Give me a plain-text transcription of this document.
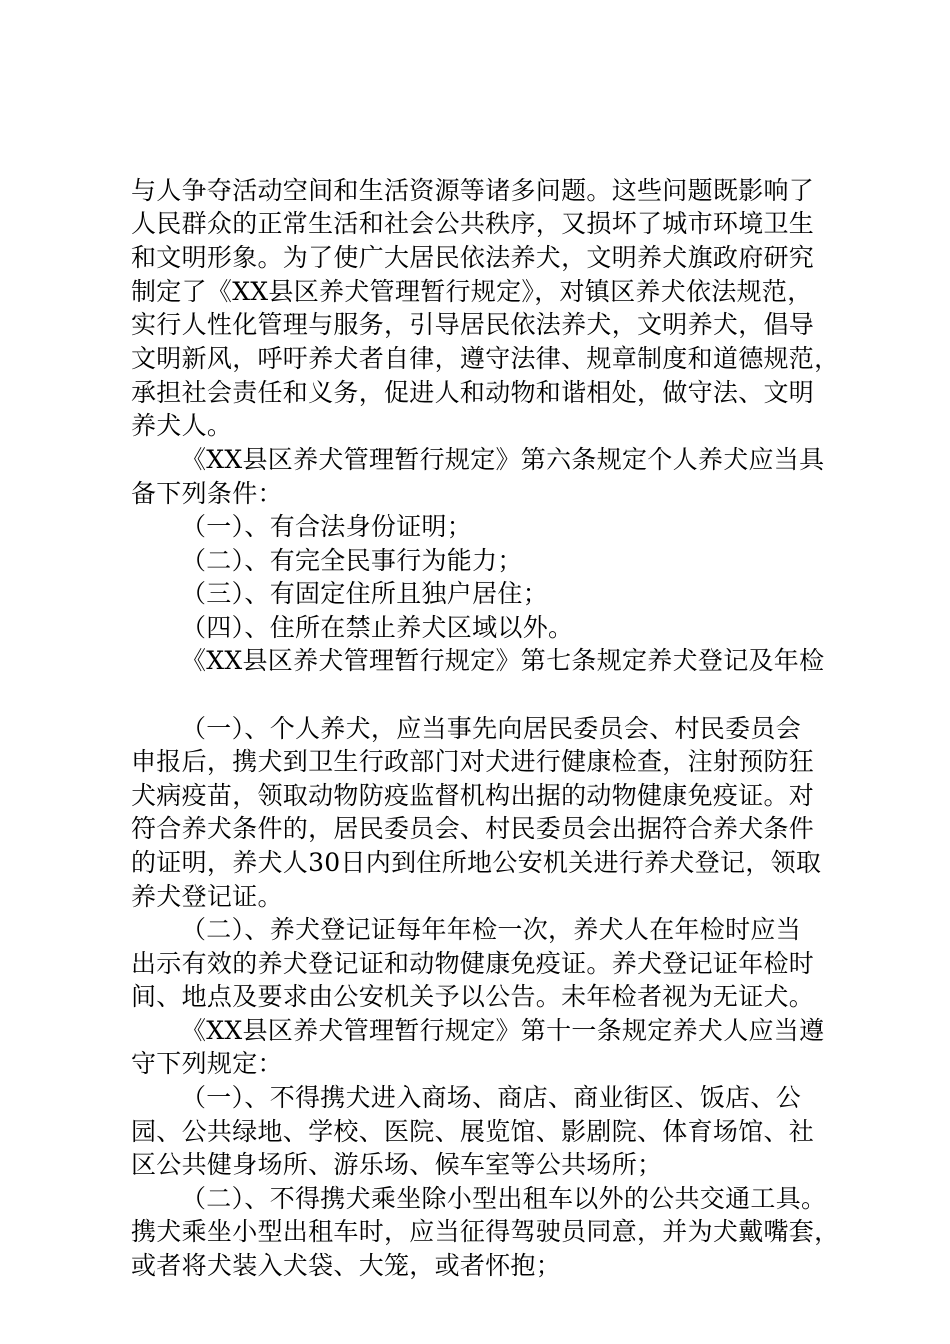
与人争夺活动空间和生活资源等诸多问题。这些问题既影响了
人民群众的正常生活和社会公共秩序，又损坏了城市环境卫生
和文明形象。为了使广大居民依法养犬，文明养犬旗政府研究
制定了《XX县区养犬管理暂行规定》，对镇区养犬依法规范，
实行人性化管理与服务，引导居民依法养犬，文明养犬，倡导
文明新风，呼吁养犬者自律，遵守法律、规章制度和道德规范，
承担社会责任和义务，促进人和动物和谐相处，做守法、文明
养犬人。
《XX县区养犬管理暂行规定》第六条规定个人养犬应当具
备下列条件：
（一）、有合法身份证明；
（二）、有完全民事行为能力；
（三）、有固定住所且独户居住；
（四）、住所在禁止养犬区域以外。
《XX县区养犬管理暂行规定》第七条规定养犬登记及年检
（一）、个人养犬，应当事先向居民委员会、村民委员会
申报后，携犬到卫生行政部门对犬进行健康检查，注射预防狂
犬病疫苗，领取动物防疫监督机构出据的动物健康免疫证。对
符合养犬条件的，居民委员会、村民委员会出据符合养犬条件
的证明，养犬人30日内到住所地公安机关进行养犬登记，领取
养犬登记证。
（二）、养犬登记证每年年检一次，养犬人在年检时应当
出示有效的养犬登记证和动物健康免疫证。养犬登记证年检时
间、地点及要求由公安机关予以公告。未年检者视为无证犬。
《XX县区养犬管理暂行规定》第十一条规定养犬人应当遵
守下列规定：
（一）、不得携犬进入商场、商店、商业街区、饭店、公
园、公共绿地、学校、医院、展览馆、影剧院、体育场馆、社
区公共健身场所、游乐场、候车室等公共场所；
（二）、不得携犬乘坐除小型出租车以外的公共交通工具。
携犬乘坐小型出租车时，应当征得驾驶员同意，并为犬戴嘴套，
或者将犬装入犬袋、大笼，或者怀抱；
